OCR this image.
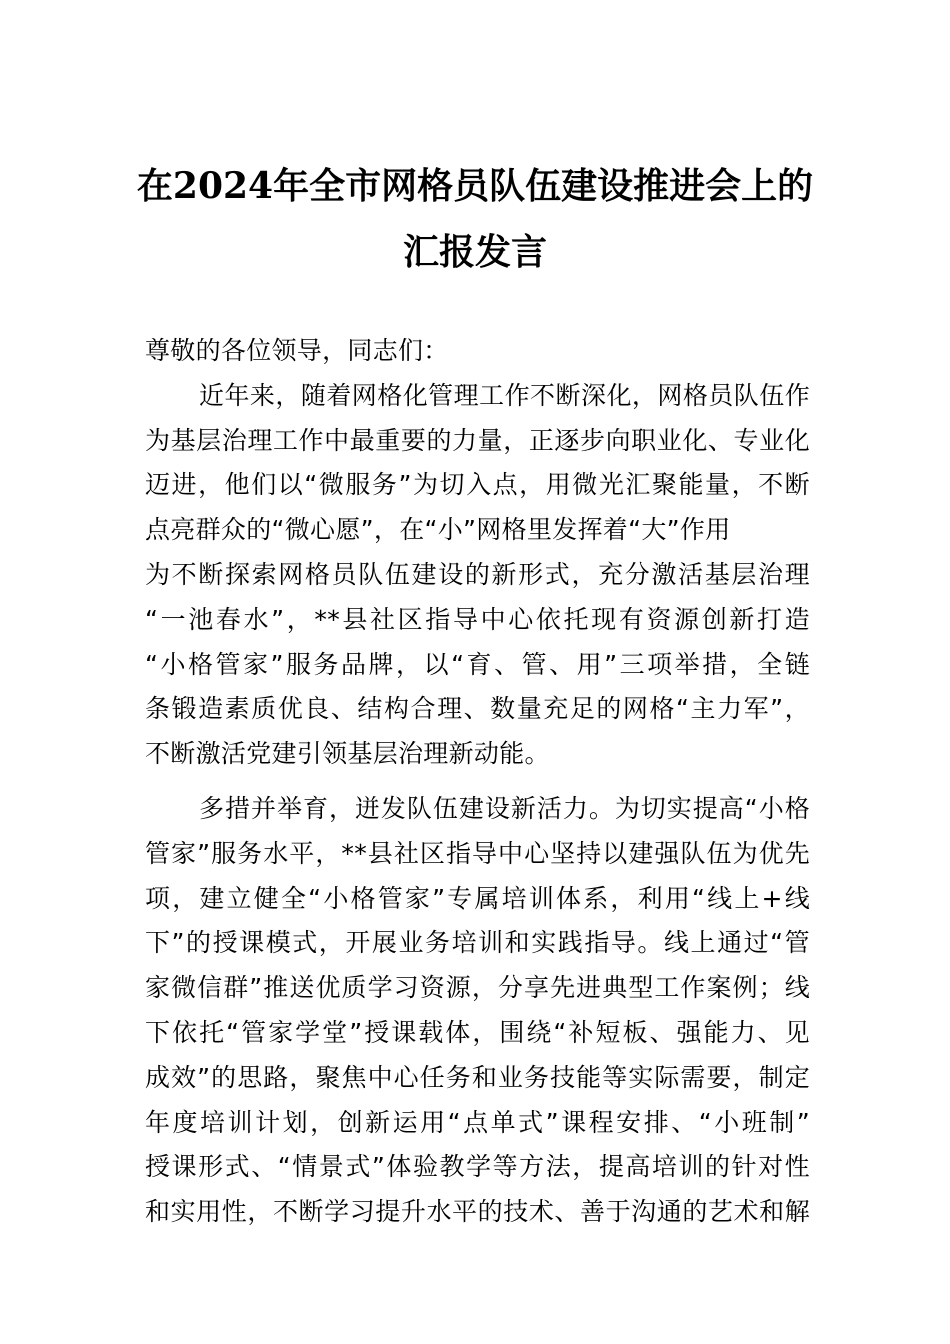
在2024年全市网格员队伍建设推进会上的
汇报发言
尊敬的各位领导，同志们：
近年来，随着网格化管理工作不断深化，网格员队伍作
为基层治理工作中最重要的力量，正逐步向职业化、专业化
迈进，他们以“微服务”为切入点，用微光汇聚能量，不断
点亮群众的“微心愿”，在“小”网格里发挥着“大”作用
为不断探索网格员队伍建设的新形式，充分激活基层治理
“一池春水”，**县社区指导中心依托现有资源创新打造
“小格管家”服务品牌，以“育、管、用”三项举措，全链
条锻造素质优良、结构合理、数量充足的网格“主力军”，
不断激活党建引领基层治理新动能。
多措并举育，迸发队伍建设新活力。为切实提高“小格
管家”服务水平，**县社区指导中心坚持以建强队伍为优先
项，建立健全“小格管家”专属培训体系，利用“线上+线
下”的授课模式，开展业务培训和实践指导。线上通过“管
家微信群”推送优质学习资源，分享先进典型工作案例；线
下依托“管家学堂”授课载体，围绕“补短板、强能力、见
成效”的思路，聚焦中心任务和业务技能等实际需要，制定
年度培训计划，创新运用“点单式”课程安排、“小班制”
授课形式、“情景式”体验教学等方法，提高培训的针对性
和实用性，不断学习提升水平的技术、善于沟通的艺术和解
